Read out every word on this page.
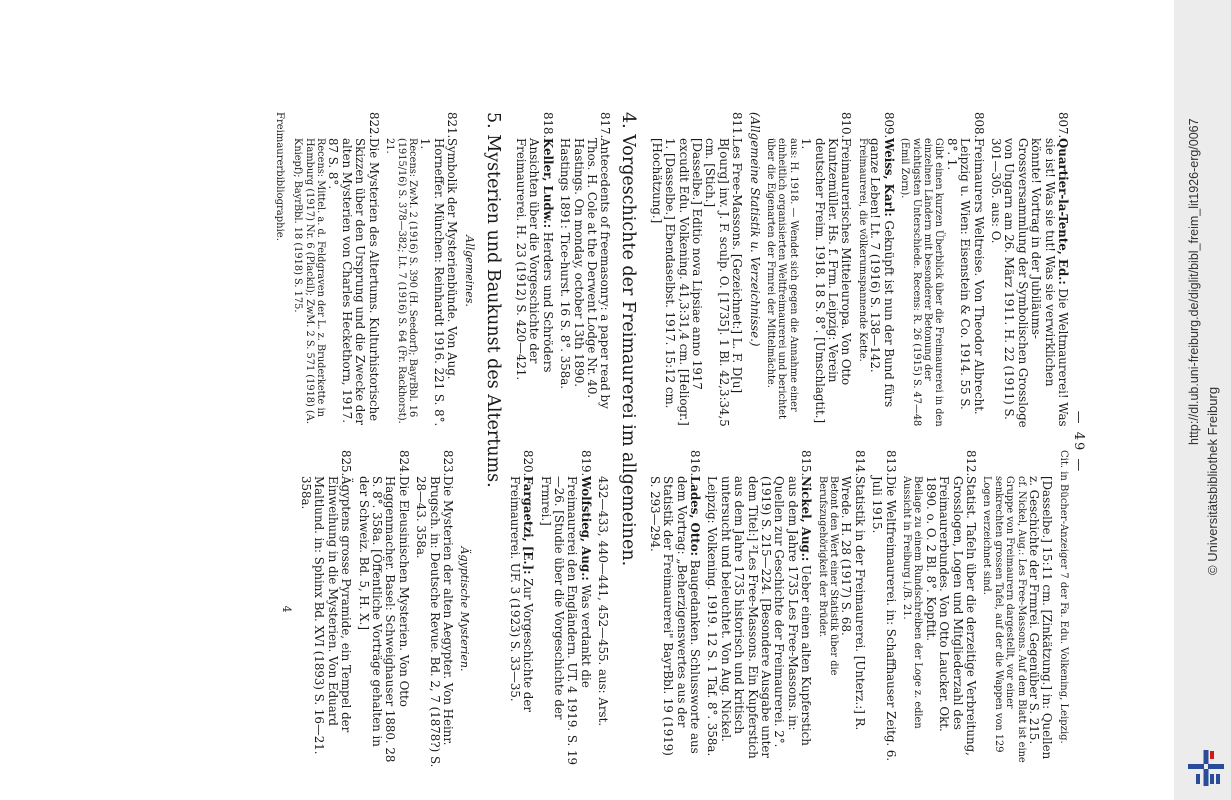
— 49 —
807.
Quartier-la-Tente, Ed.: Die Weltmaurerei! Was sie ist! Was sie tut! Was sie verwirklichen könnte! Vortrag in der Jubiläums-Grossversammlung der Symbolischen Grossloge von Ungarn am 26. März 1911. H. 22 (1911) S. 301—305. aus: O.
808.
Freimaurers Weltreise. Von Theodor Albrecht. Leipzig u. Wien: Eisenstein & Co. 1914. 55 S. 8°. 1.
Gibt einen kurzen Überblick über die Freimaurerei in den einzelnen Ländern mit besonderer Betonung der wichtigsten Unterschiede. Recens: R. 26 (1915) S. 47—48 (Emil Zorn).
809.
Weiss, Karl: Geknüpft ist nun der Bund fürs ganze Leben! Lt. 7 (1916) S. 138—142.
Freimaurerei, die völkerumspannende Kette.
810.
Freimaurerisches Mitteleuropa. Von Otto Kuntzemüller. Hs. f. Frm. Leipzig: Verein deutscher Freim. 1918. 18 S. 8°. [Umschlagtit.] 1.
aus: H. 1918. — Wendet sich gegen die Annahme einer einheitlich organisierten Weltfreimaurerei und berichtet über die Eigenarten der Frmrei der Mittelmächte.
(Allgemeine Statistik u. Verzeichnisse.)
811.
Les Free-Massons. [Gezeichnet:] L. F. D[u] B[ourg] inv. J. F. sculp. O. [1735]. 1 Bl. 42,3:34,5 cm. [Stich.]
[Dasselbe.] Editio nova Lipsiae anno 1917 excudit Edu. Volkening. 41,3:31,4 cm. [Heliogr.] 1. [Dasselbe.] Ebendaselbst. 1917. 15:12 cm. [Hochätzung.]
4. Vorgeschichte der Freimaurerei im allgemeinen.
817.
Antecedents of freemasonry: a paper read by Thos. H. Cole at the Derwent Lodge Nr. 40. Hastings. On monday, october 13th 1890. Hastings 1891: Tice-hurst. 16 S. 8°. 358a.
818.
Keller, Ludw.: Herders und Schröders Ansichten über die Vorgeschichte der Freimaurerei. H. 23 (1912) S. 420—421.
5. Mysterien und Baukunst des Altertums.
Allgemeines.
821.
Symbolik der Mysterienbünde. Von Aug. Horneffer. München: Reinhardt 1916. 221 S. 8°. 1.
Recens: ZwM. 2 (1916) S. 390 (H. Seedorf); BayrBbl. 16 (1915/16) S. 378—382; Lt. 7 (1916) S. 64 (Fr. Rackhorst). 21.
822.
Die Mysterien des Altertums. Kulturhistorische Skizzen über den Ursprung und die Zwecke der alten Mysterien von Charles Heckethorn, 1917. 87 S. 8°.
Recens: Mittel. a. d. Feldgraven der L. z. Bruderkette in Hamburg (1917) Nr. 6 (Plackil); ZwM. 2 S. 571 (1918) (A. Kniepf); BayrBbl. 18 (1918) S. 175.
Freimaurerbibliographie.
Cit. in Bücher-Anzeiger 7 der Fa. Edu. Volkening, Leipzig.
[Dasselbe.] 15:11 cm. [Zinkätzung.] in: Quellen z. Geschichte der Frmrei. Gegenüber S. 215.
cf. Nickel, Aug.: Les Free-Massons. Auf dem Blatt ist eine Gruppe von Freimaurern dargestellt, vor einer senkrechten grossen Tafel, auf der die Wappen von 129 Logen verzeichnet sind.
812.
Statist. Tafeln über die derzeitige Verbreitung, Grosslogen, Logen und Mitgliederzahl des Freimaurerbundes. Von Otto Laucker. Okt. 1890. o. O. 2 Bl. 8°. Kopftit.
Beilage zu einem Rundschreiben der Loge z. edlen Aussicht in Freiburg i./B. 21.
813.
Die Weltfreimaurerei. in: Schaffhauser Zeitg. 6. Juli 1915.
814.
Statistik in der Freimaurerei. [Unterz.:] R. Wrede. H. 28 (1917) S. 68.
Betont den Wert einer Statistik über die Berufszugehörigkeit der Brüder.
815.
Nickel, Aug.: Ueber einen alten Kupferstich aus dem Jahre 1735 Les Free-Massons. in: Quellen zur Geschichte der Freimaurerei. 2°. (1919) S. 215—224. [Besondere Ausgabe unter dem Titel:] ²Les Free-Massons. Ein Kupferstich aus dem Jahre 1735 historisch und kritisch untersucht und beleuchtet. Von Aug. Nickel. Leipzig: Volkening. 1919. 12 S. 1 Taf. 8°. 358a.
816.
Lades, Otto: Baugedanken. Schlussworte aus dem Vortrag: „Beherzigenswertes aus der Statistik der Freimaurerei" BayrBbl. 19 (1919) S. 293—294.
432—433, 440—441, 452—455. aus: Arst.
819.
Wolfstieg, Aug.: Was verdankt die Freimaurerei den Engländern. UT. 4 1919. S. 19—26. [Studie über die Vorgeschichte der Frmrei.]
820.
Fargaetzi, [E.]: Zur Vorgeschichte der Freimaurerei. UF. 3 (1923) S. 33—35.
Ägyptische Mysterien.
823.
Die Mysterien der alten Aegypter. Von Heinr. Brugsch. in: Deutsche Revue. Bd. 2, 7 (1878?) S. 28—43. 358a.
824.
Die Eleusinischen Mysterien. Von Otto Haggenmacher. Basel: Schweighauser 1880. 28 S. 8°. 358a. [Öffentliche Vorträge gehalten in der Schweiz. Bd. 5, H. X.]
825.
Ägyptens grosse Pyramide, ein Tempel der Einweihung in die Mysterien. Von Eduard Maltlund. in: Sphinx Bd. XVI (1893) S. 16—21. 358a.
4
http://dl.ub.uni-freiburg.de/diglit/bibl_freim_lit1926-erg/0067
© Universitätsbibliothek Freiburg
